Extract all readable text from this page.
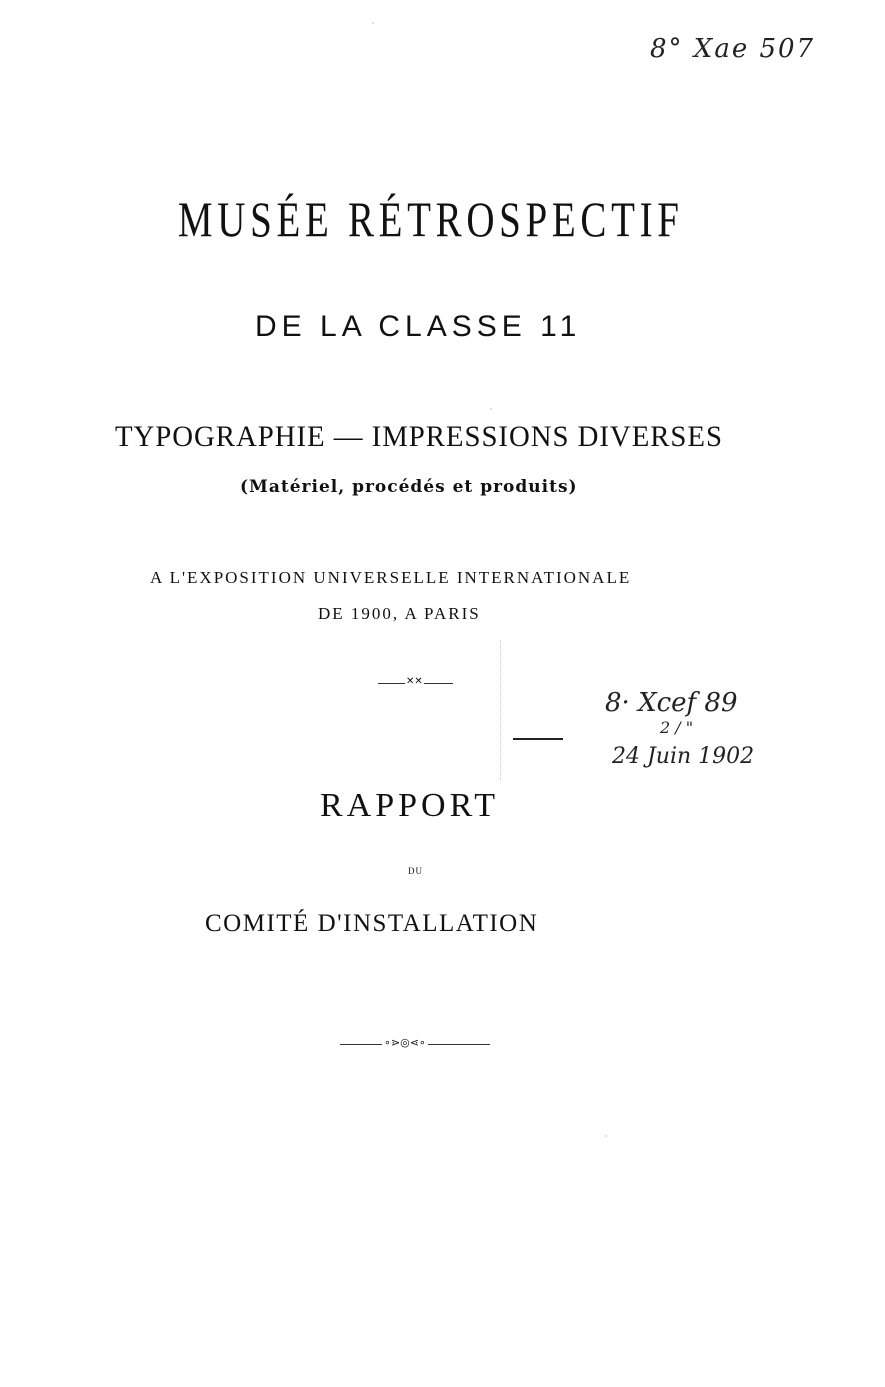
8° Xae 507
MUSÉE RÉTROSPECTIF
DE LA CLASSE 11
TYPOGRAPHIE — IMPRESSIONS DIVERSES
(Matériel, procédés et produits)
A L'EXPOSITION UNIVERSELLE INTERNATIONALE
DE 1900, A PARIS
✕✕
8· Xcef 89
2 / "
24 Juin 1902
RAPPORT
DU
COMITÉ D'INSTALLATION
∘⋗◎⋖∘
